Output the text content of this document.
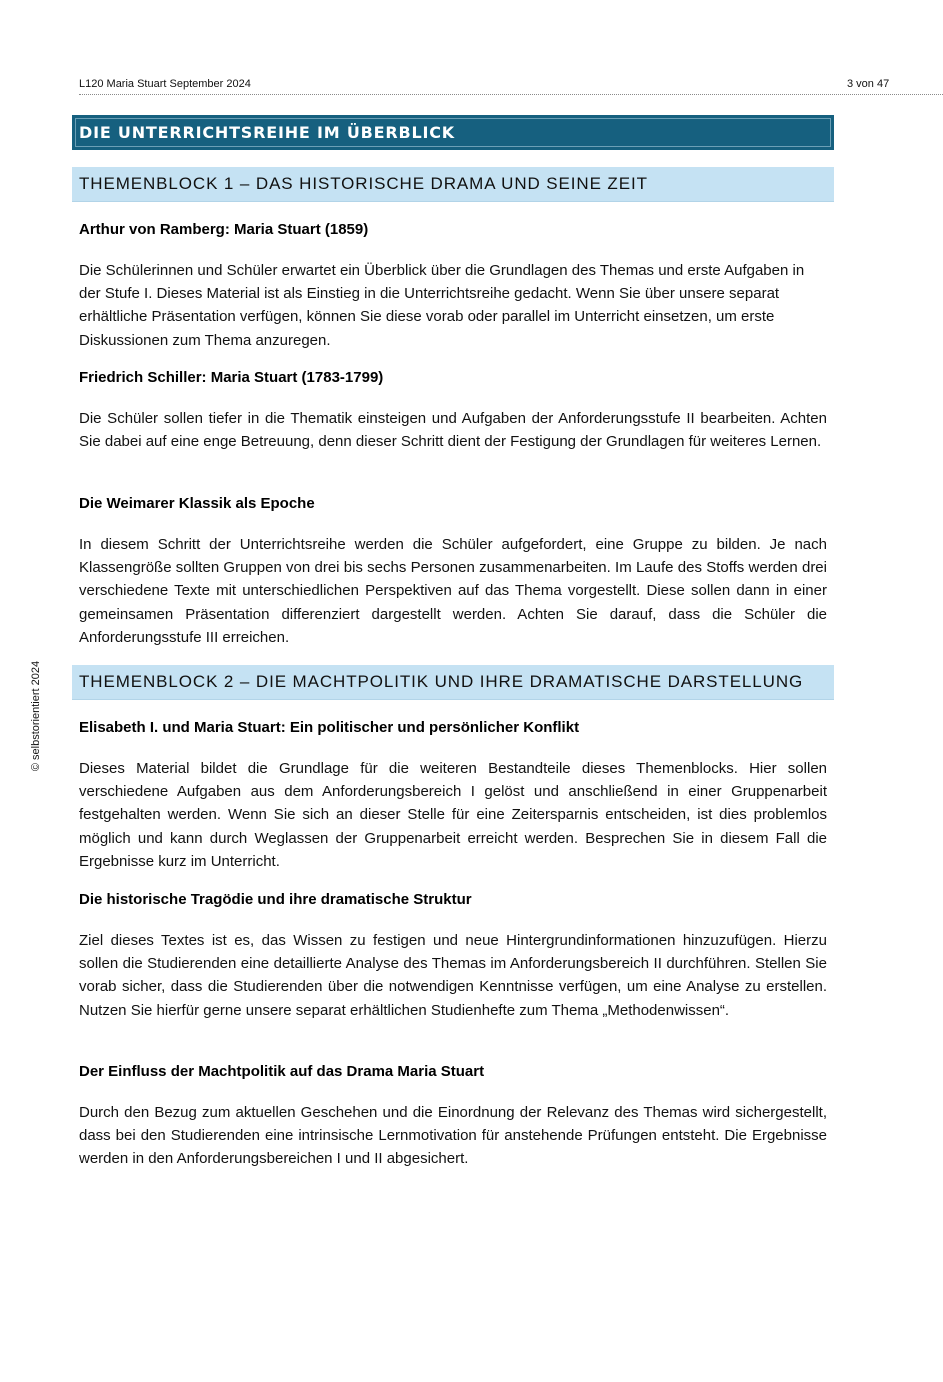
L120 Maria Stuart September 2024	3 von 47
© selbstorientiert 2024
DIE UNTERRICHTSREIHE IM ÜBERBLICK
THEMENBLOCK 1 – DAS HISTORISCHE DRAMA UND SEINE ZEIT
Arthur von Ramberg: Maria Stuart (1859)

Die Schülerinnen und Schüler erwartet ein Überblick über die Grundlagen des Themas und erste Aufgaben in der Stufe I. Dieses Material ist als Einstieg in die Unterrichtsreihe gedacht. Wenn Sie über unsere separat erhältliche Präsentation verfügen, können Sie diese vorab oder parallel im Unterricht einsetzen, um erste Diskussionen zum Thema anzuregen.

Friedrich Schiller: Maria Stuart (1783-1799)

Die Schüler sollen tiefer in die Thematik einsteigen und Aufgaben der Anforderungsstufe II bearbeiten. Achten Sie dabei auf eine enge Betreuung, denn dieser Schritt dient der Festigung der Grundlagen für weiteres Lernen.

Die Weimarer Klassik als Epoche

In diesem Schritt der Unterrichtsreihe werden die Schüler aufgefordert, eine Gruppe zu bilden. Je nach Klassengröße sollten Gruppen von drei bis sechs Personen zusammenarbeiten. Im Laufe des Stoffs werden drei verschiedene Texte mit unterschiedlichen Perspektiven auf das Thema vorgestellt. Diese sollen dann in einer gemeinsamen Präsentation differenziert dargestellt werden. Achten Sie darauf, dass die Schüler die Anforderungsstufe III erreichen.

THEMENBLOCK 2 – DIE MACHTPOLITIK UND IHRE DRAMATISCHE DARSTELLUNG
Elisabeth I. und Maria Stuart: Ein politischer und persönlicher Konflikt

Dieses Material bildet die Grundlage für die weiteren Bestandteile dieses Themenblocks. Hier sollen verschiedene Aufgaben aus dem Anforderungsbereich I gelöst und anschließend in einer Gruppenarbeit festgehalten werden. Wenn Sie sich an dieser Stelle für eine Zeitersparnis entscheiden, ist dies problemlos möglich und kann durch Weglassen der Gruppenarbeit erreicht werden. Besprechen Sie in diesem Fall die Ergebnisse kurz im Unterricht.

Die historische Tragödie und ihre dramatische Struktur

Ziel dieses Textes ist es, das Wissen zu festigen und neue Hintergrundinformationen hinzuzufügen. Hierzu sollen die Studierenden eine detaillierte Analyse des Themas im Anforderungsbereich II durchführen. Stellen Sie vorab sicher, dass die Studierenden über die notwendigen Kenntnisse verfügen, um eine Analyse zu erstellen. Nutzen Sie hierfür gerne unsere separat erhältlichen Studienhefte zum Thema „Methodenwissen“.

Der Einfluss der Machtpolitik auf das Drama Maria Stuart

Durch den Bezug zum aktuellen Geschehen und die Einordnung der Relevanz des Themas wird sichergestellt, dass bei den Studierenden eine intrinsische Lernmotivation für anstehende Prüfungen entsteht. Die Ergebnisse werden in den Anforderungsbereichen I und II abgesichert.
